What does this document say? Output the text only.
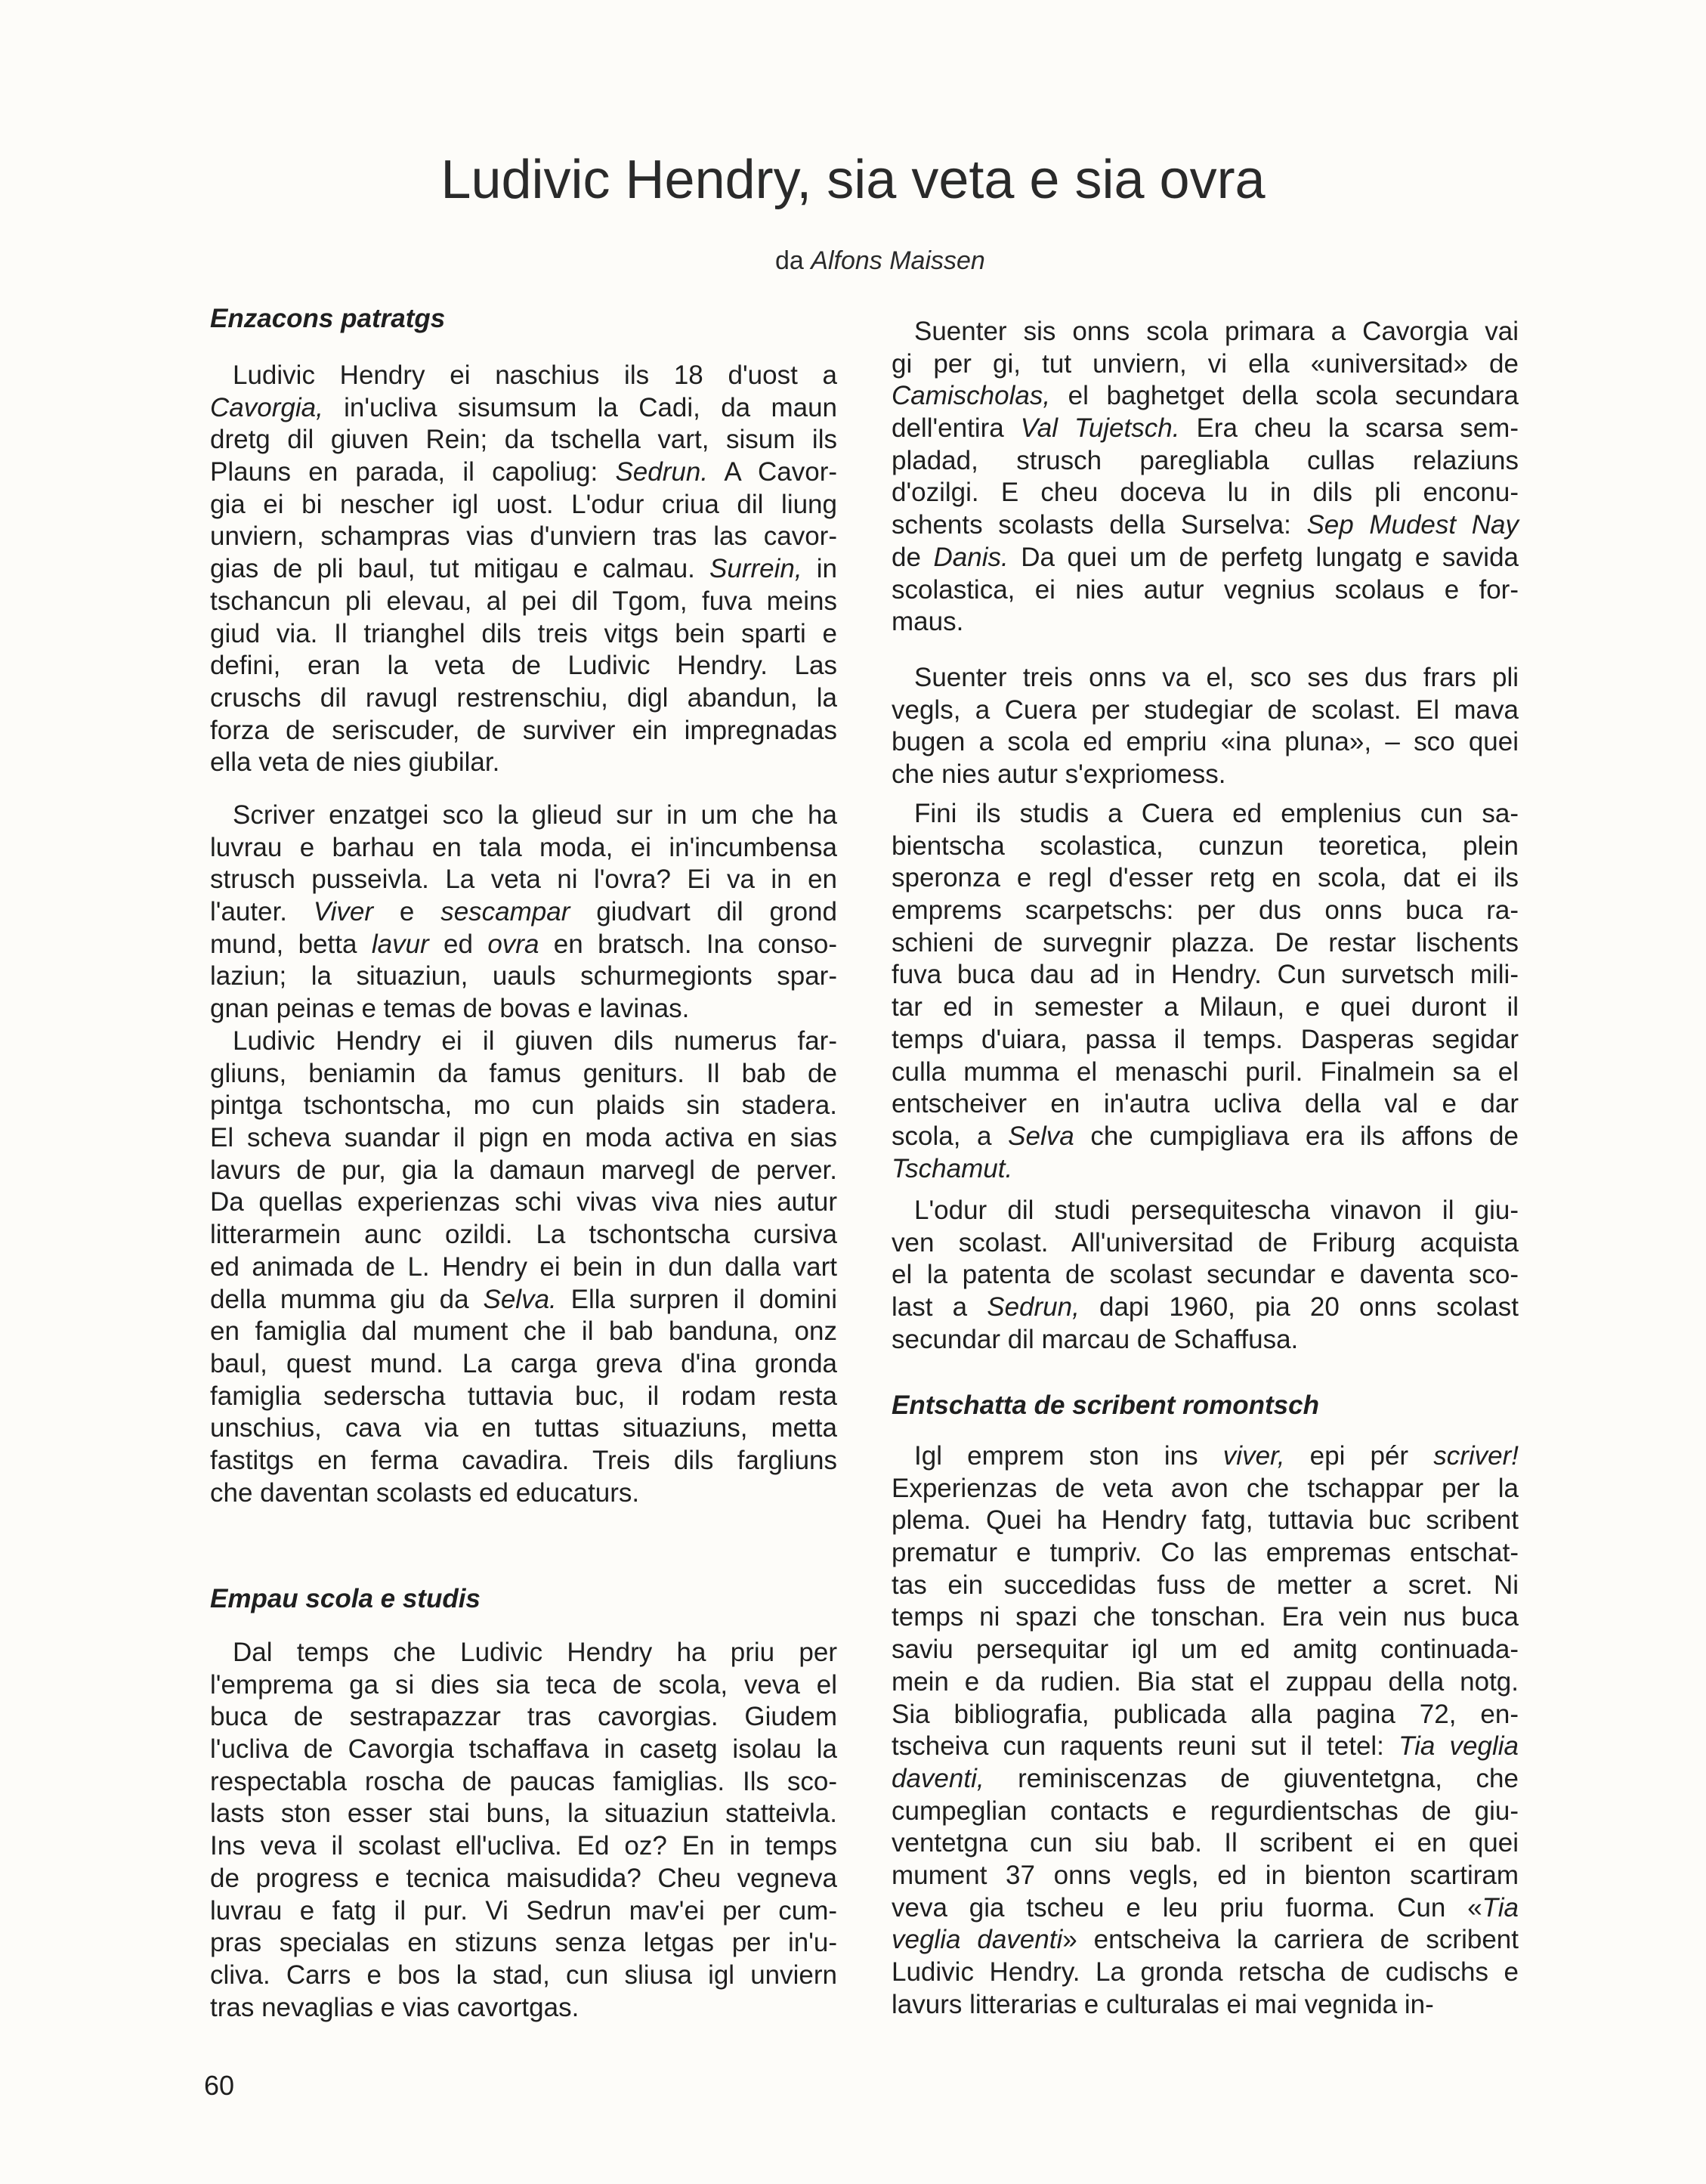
Ludivic Hendry, sia veta e sia ovra
da Alfons Maissen
Enzacons patratgs
Ludivic Hendry ei naschius ils 18 d'uost a
Cavorgia, in'ucliva sisumsum la Cadi, da maun
dretg dil giuven Rein; da tschella vart, sisum ils
Plauns en parada, il capoliug: Sedrun. A Cavor-
gia ei bi nescher igl uost. L'odur criua dil liung
unviern, schampras vias d'unviern tras las cavor-
gias de pli baul, tut mitigau e calmau. Surrein, in
tschancun pli elevau, al pei dil Tgom, fuva meins
giud via. Il trianghel dils treis vitgs bein sparti e
defini, eran la veta de Ludivic Hendry. Las
cruschs dil ravugl restrenschiu, digl abandun, la
forza de seriscuder, de surviver ein impregnadas
ella veta de nies giubilar.
Scriver enzatgei sco la glieud sur in um che ha
luvrau e barhau en tala moda, ei in'incumbensa
strusch pusseivla. La veta ni l'ovra? Ei va in en
l'auter. Viver e sescampar giudvart dil grond
mund, betta lavur ed ovra en bratsch. Ina conso-
laziun; la situaziun, uauls schurmegionts spar-
gnan peinas e temas de bovas e lavinas.
Ludivic Hendry ei il giuven dils numerus far-
gliuns, beniamin da famus geniturs. Il bab de
pintga tschontscha, mo cun plaids sin stadera.
El scheva suandar il pign en moda activa en sias
lavurs de pur, gia la damaun marvegl de perver.
Da quellas experienzas schi vivas viva nies autur
litterarmein aunc ozildi. La tschontscha cursiva
ed animada de L. Hendry ei bein in dun dalla vart
della mumma giu da Selva. Ella surpren il domini
en famiglia dal mument che il bab banduna, onz
baul, quest mund. La carga greva d'ina gronda
famiglia sederscha tuttavia buc, il rodam resta
unschius, cava via en tuttas situaziuns, metta
fastitgs en ferma cavadira. Treis dils fargliuns
che daventan scolasts ed educaturs.
Empau scola e studis
Dal temps che Ludivic Hendry ha priu per
l'emprema ga si dies sia teca de scola, veva el
buca de sestrapazzar tras cavorgias. Giudem
l'ucliva de Cavorgia tschaffava in casetg isolau la
respectabla roscha de paucas famiglias. Ils sco-
lasts ston esser stai buns, la situaziun statteivla.
Ins veva il scolast ell'ucliva. Ed oz? En in temps
de progress e tecnica maisudida? Cheu vegneva
luvrau e fatg il pur. Vi Sedrun mav'ei per cum-
pras specialas en stizuns senza letgas per in'u-
cliva. Carrs e bos la stad, cun sliusa igl unviern
tras nevaglias e vias cavortgas.
Suenter sis onns scola primara a Cavorgia vai
gi per gi, tut unviern, vi ella «universitad» de
Camischolas, el baghetget della scola secundara
dell'entira Val Tujetsch. Era cheu la scarsa sem-
pladad, strusch paregliabla cullas relaziuns
d'ozilgi. E cheu doceva lu in dils pli enconu-
schents scolasts della Surselva: Sep Mudest Nay
de Danis. Da quei um de perfetg lungatg e savida
scolastica, ei nies autur vegnius scolaus e for-
maus.
Suenter treis onns va el, sco ses dus frars pli
vegls, a Cuera per studegiar de scolast. El mava
bugen a scola ed empriu «ina pluna», – sco quei
che nies autur s'expriomess.
Fini ils studis a Cuera ed emplenius cun sa-
bientscha scolastica, cunzun teoretica, plein
speronza e regl d'esser retg en scola, dat ei ils
emprems scarpetschs: per dus onns buca ra-
schieni de survegnir plazza. De restar lischents
fuva buca dau ad in Hendry. Cun survetsch mili-
tar ed in semester a Milaun, e quei duront il
temps d'uiara, passa il temps. Dasperas segidar
culla mumma el menaschi puril. Finalmein sa el
entscheiver en in'autra ucliva della val e dar
scola, a Selva che cumpigliava era ils affons de
Tschamut.
L'odur dil studi persequitescha vinavon il giu-
ven scolast. All'universitad de Friburg acquista
el la patenta de scolast secundar e daventa sco-
last a Sedrun, dapi 1960, pia 20 onns scolast
secundar dil marcau de Schaffusa.
Entschatta de scribent romontsch
Igl emprem ston ins viver, epi pér scriver!
Experienzas de veta avon che tschappar per la
plema. Quei ha Hendry fatg, tuttavia buc scribent
prematur e tumpriv. Co las empremas entschat-
tas ein succedidas fuss de metter a scret. Ni
temps ni spazi che tonschan. Era vein nus buca
saviu persequitar igl um ed amitg continuada-
mein e da rudien. Bia stat el zuppau della notg.
Sia bibliografia, publicada alla pagina 72, en-
tscheiva cun raquents reuni sut il tetel: Tia veglia
daventi, reminiscenzas de giuventetgna, che
cumpeglian contacts e regurdientschas de giu-
ventetgna cun siu bab. Il scribent ei en quei
mument 37 onns vegls, ed in bienton scartiram
veva gia tscheu e leu priu fuorma. Cun «Tia
veglia daventi» entscheiva la carriera de scribent
Ludivic Hendry. La gronda retscha de cudischs e
lavurs litterarias e culturalas ei mai vegnida in-
60
